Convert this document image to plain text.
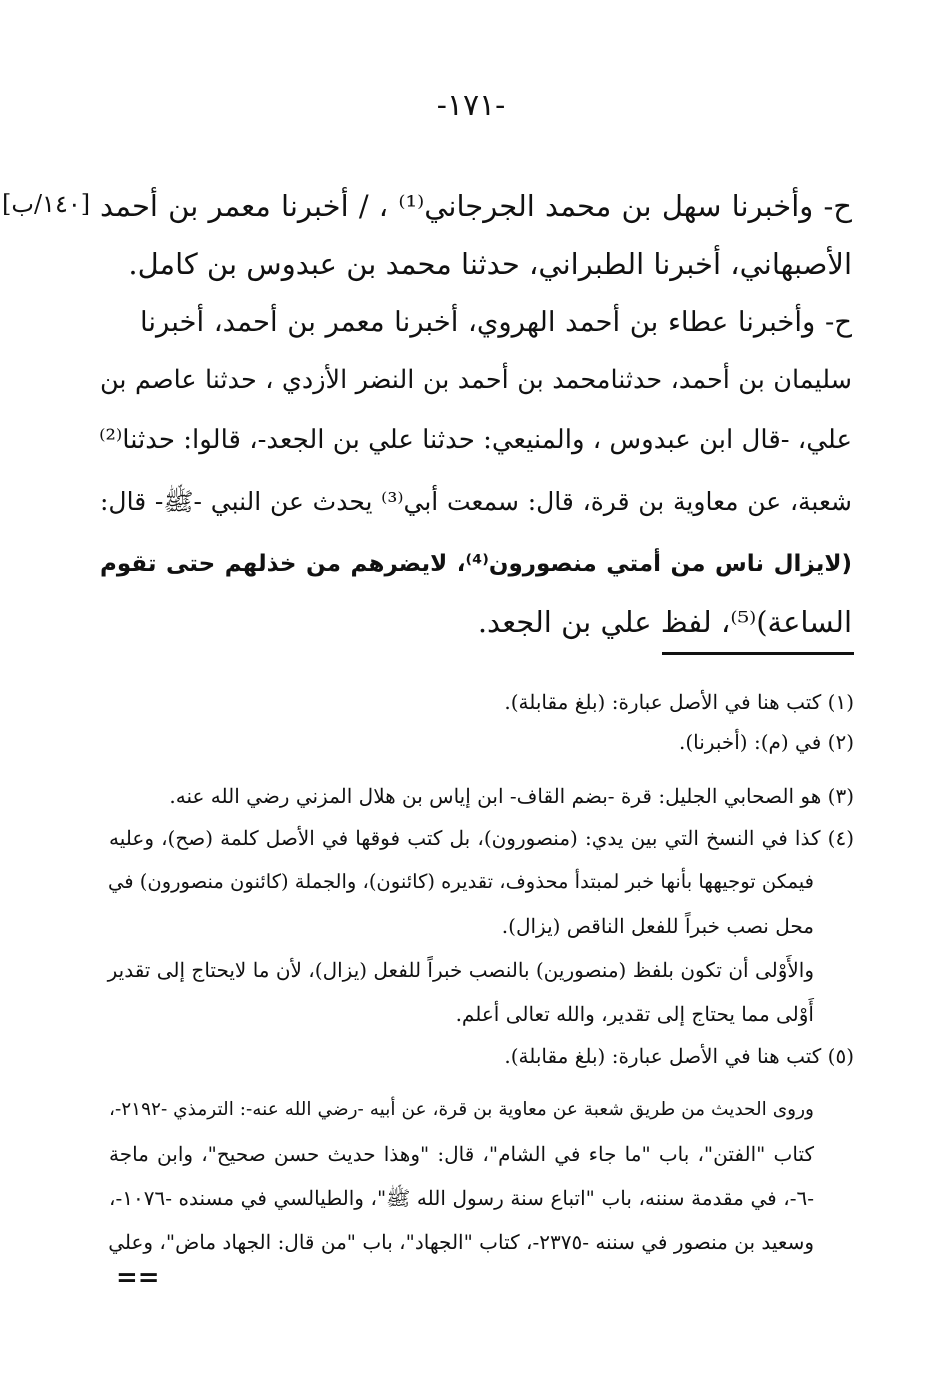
-١٧١-
[١٤٠/ب] ح- وأخبرنا سهل بن محمد الجرجاني⁽¹⁾ ، / أخبرنا معمر بن أحمد
الأصبهاني، أخبرنا الطبراني، حدثنا محمد بن عبدوس بن كامل.
ح- وأخبرنا عطاء بن أحمد الهروي، أخبرنا معمر بن أحمد، أخبرنا
سليمان بن أحمد، حدثنامحمد بن أحمد بن النضر الأزدي ، حدثنا عاصم بن
علي، -قال ابن عبدوس ، والمنيعي: حدثنا علي بن الجعد-، قالوا: حدثنا⁽²⁾
شعبة، عن معاوية بن قرة، قال: سمعت أبي⁽³⁾ يحدث عن النبي -ﷺ- قال:
(لايزال ناس من أمتي منصورون⁽⁴⁾، لايضرهم من خذلهم حتى تقوم
الساعة)⁽⁵⁾، لفظ علي بن الجعد.
(١) كتب هنا في الأصل عبارة: (بلغ مقابلة).
(٢) في (م): (أخبرنا).
(٣) هو الصحابي الجليل: قرة -بضم القاف- ابن إياس بن هلال المزني رضي الله عنه.
(٤) كذا في النسخ التي بين يدي: (منصورون)، بل كتب فوقها في الأصل كلمة (صح)، وعليه
فيمكن توجيهها بأنها خبر لمبتدأ محذوف، تقديره (كائنون)، والجملة (كائنون منصورون) في
محل نصب خبراً للفعل الناقص (يزال).
والأَوْلى أن تكون بلفظ (منصورين) بالنصب خبراً للفعل (يزال)، لأن ما لايحتاج إلى تقدير
أَوْلى مما يحتاج إلى تقدير، والله تعالى أعلم.
(٥) كتب هنا في الأصل عبارة: (بلغ مقابلة).
وروى الحديث من طريق شعبة عن معاوية بن قرة، عن أبيه -رضي الله عنه-: الترمذي -٢١٩٢-،
كتاب "الفتن"، باب "ما جاء في الشام"، قال: "وهذا حديث حسن صحيح"، وابن ماجة
-٦-، في مقدمة سننه، باب "اتباع سنة رسول الله ﷺ"، والطيالسي في مسنده -١٠٧٦-،
وسعيد بن منصور في سننه -٢٣٧٥-، كتاب "الجهاد"، باب "من قال: الجهاد ماض"، وعلي
==
